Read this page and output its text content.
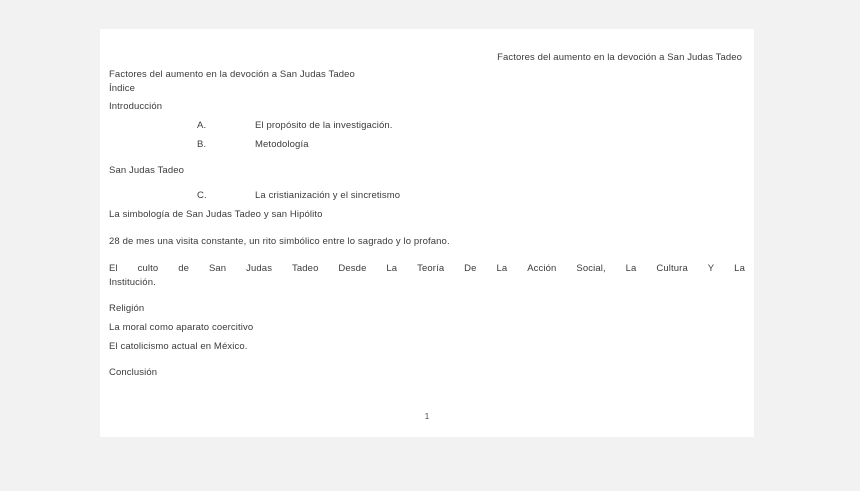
Factores del aumento en la devoción a San Judas Tadeo

Factores del aumento en la devoción a San Judas Tadeo

Índice

Introducción

A.	El propósito de la investigación.
B.	Metodología

San Judas Tadeo

C.	La cristianización y el sincretismo

La simbología de San Judas Tadeo y san Hipólito

28 de mes una visita constante, un rito simbólico entre lo sagrado y lo profano.

El culto de San Judas Tadeo Desde La Teoría De La Acción Social, La Cultura Y La
Institución.

Religión

La moral como aparato coercitivo

El catolicismo actual en México.

Conclusión

1
